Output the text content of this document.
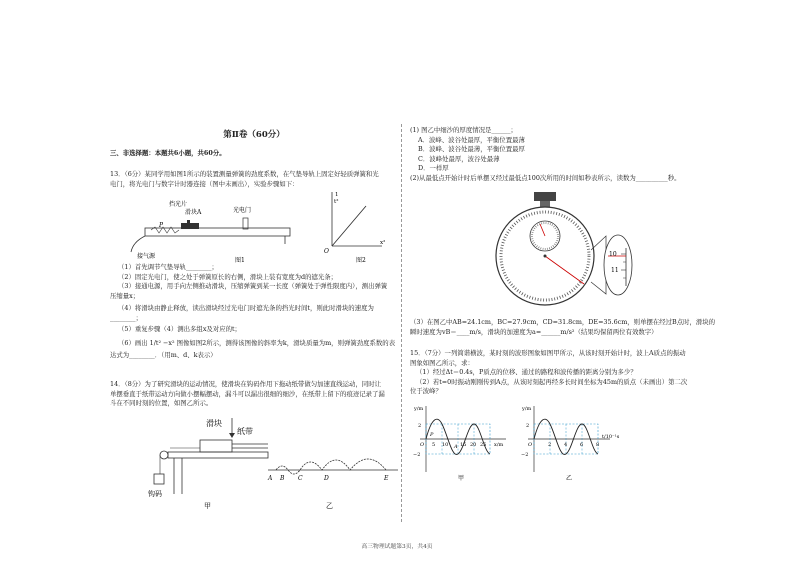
第Ⅱ卷（60分）
三、非选择题：本题共6小题，共60分。

13．（6分）某同学用如图1所示的装置测量弹簧的劲度系数，在气垫导轨上固定好轻质弹簧和光

电门，将光电门与数字计时器连接（图中未画出），实验步骤如下：

挡光片
滑块A	光电门
P
接气源
图1
1
t²
x²
O
图2

（1）首先调节气垫导轨________；

（2）固定光电门，使之处于弹簧原长的右侧，滑块上装有宽度为d的遮光条；

（3）接通电源，用手向左侧推动滑块，压缩弹簧到某一长度（弹簧处于弹性限度内），测出弹簧

压缩量x；
（4）将滑块由静止释放，读出滑块经过光电门时遮光条的挡光时间t，则此时滑块的速度为
________；
（5）重复步骤（4）测出多组x及对应的t；
（6）画出 1/t² −x² 图像如图2所示，测得该图像的斜率为k，滑块质量为m，则弹簧劲度系数的表
达式为________．（用m、d、k表示）

14．（8分）为了研究滑块的运动情况，使滑块在钩码作用下拖动纸带做匀加速直线运动，同时让

单摆垂直于纸带运动方向做小摆幅摆动，漏斗可以漏出很细的细沙，在纸带上留下的痕迹记录了漏

斗在不同时刻的位置，如图乙所示。

滑块
纸带
钩码
甲
A B C	D	E
乙

(1) 图乙中细沙的厚度情况是______；

A．波峰、波谷处最厚，平衡位置最薄

B．波峰、波谷处最薄，平衡位置最厚

C．波峰处最厚，波谷处最薄

D．一样厚

(2)从最低点开始计时后单摆又经过最低点100次所用的时间如秒表所示，读数为__________秒。

10
11

（3）在图乙中AB=24.1cm，BC=27.9cm，CD=31.8cm，DE=35.6cm，则单摆在经过B点时，滑块的

瞬时速度为vB＝____m/s，滑块的加速度为a=______m/s²（结果均保留两位有效数字）

15．（7分）一列简谐横波，某时刻的波形图象如图甲所示，从该时刻开始计时，波上A质点的振动

图象如图乙所示，求：

（1）经过Δt＝0.4s，P质点的位移、通过的路程和波传播的距离分别为多少？

（2）若t=0时振动刚刚传到A点，从该时刻起再经多长时间坐标为45m的质点（未画出）第二次

位于波峰？

y/m
2
−2
O
P
A
5 10 15 20 25 x/m
甲
y/m
2
−2
O	2	4	6	8
t/10⁻¹s
乙
高三物理试题第3页，共4页
